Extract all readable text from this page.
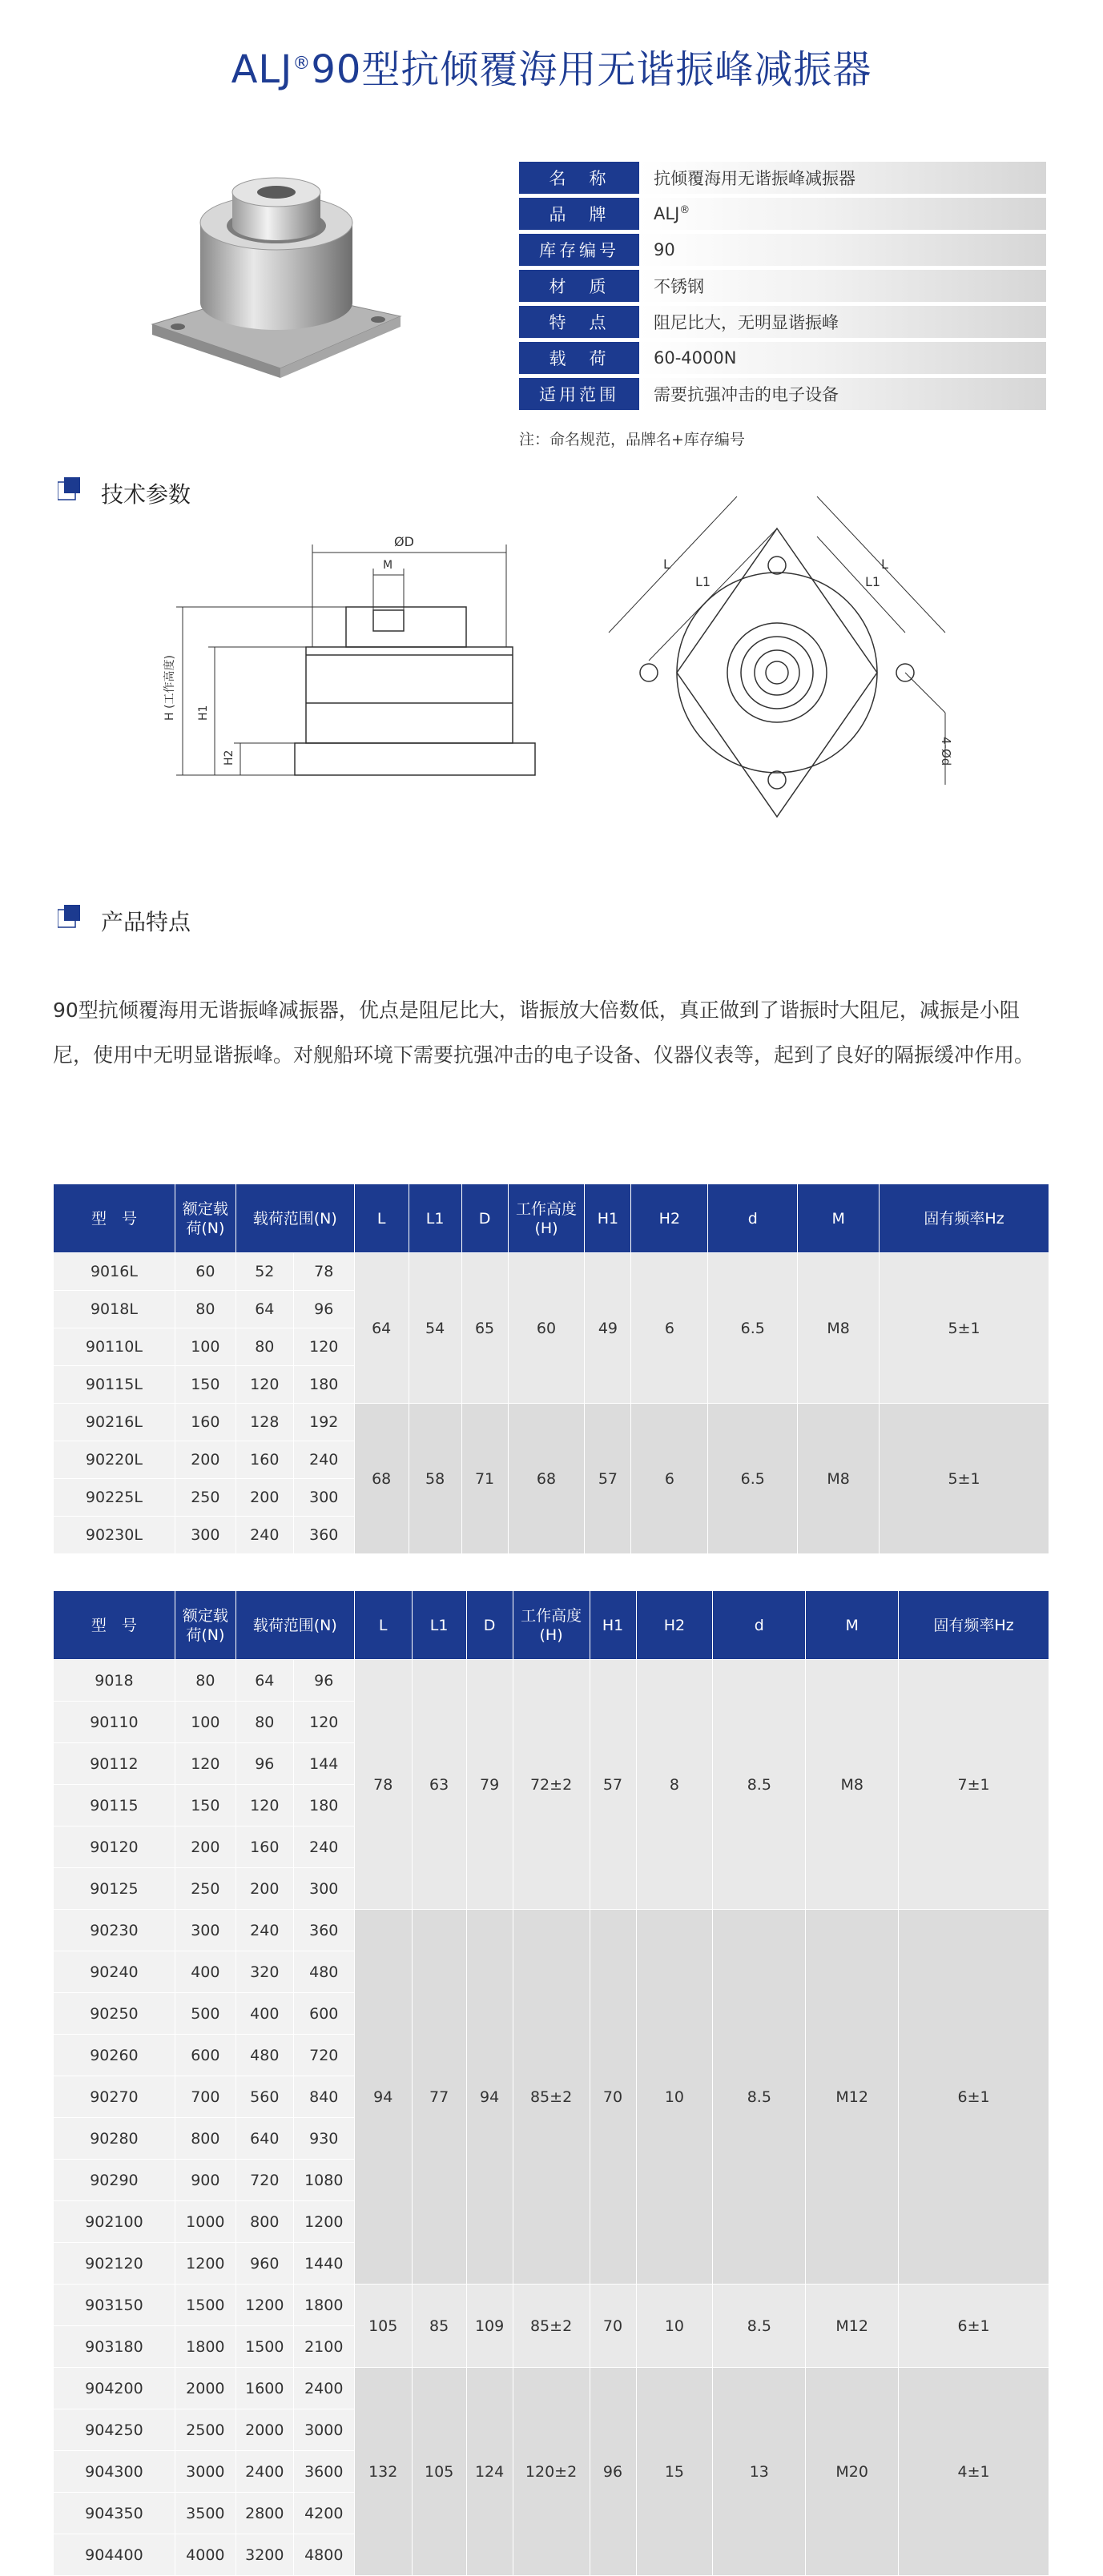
ALJ®90型抗倾覆海用无谐振峰减振器
名　称	抗倾覆海用无谐振峰减振器
品　牌	ALJ®
库存编号	90
材　质	不锈钢
特　点	阻尼比大，无明显谐振峰
载　荷	60-4000N
适用范围	需要抗强冲击的电子设备
注：命名规范，品牌名+库存编号
技术参数
ØD
M
H (工作高度) H1
H2
L
L1
L
L1
4-Ød
产品特点
90型抗倾覆海用无谐振峰减振器，优点是阻尼比大，谐振放大倍数低，真正做到了谐振时大阻尼，减振是小阻尼，使用中无明显谐振峰。对舰船环境下需要抗强冲击的电子设备、仪器仪表等，起到了良好的隔振缓冲作用。
型　号	额定载荷(N)	载荷范围(N)		L	L1	D	工作高度(H)	H1	H2	d	M	固有频率Hz
9016L	60	52	78	64	54	65	60	49	6	6.5	M8	5±1
9018L	80	64	96									
90110L	100	80	120									
90115L	150	120	180									
90216L	160	128	192	68	58	71	68	57	6	6.5	M8	5±1
90220L	200	160	240									
90225L	250	200	300									
90230L	300	240	360									
型　号	额定载荷(N)	载荷范围(N)		L	L1	D	工作高度(H)	H1	H2	d	M	固有频率Hz
9018	80	64	96	78	63	79	72±2	57	8	8.5	M8	7±1
90110	100	80	120									
90112	120	96	144									
90115	150	120	180									
90120	200	160	240									
90125	250	200	300									
90230	300	240	360	94	77	94	85±2	70	10	8.5	M12	6±1
90240	400	320	480									
90250	500	400	600									
90260	600	480	720									
90270	700	560	840									
90280	800	640	930									
90290	900	720	1080									
902100	1000	800	1200									
902120	1200	960	1440									
903150	1500	1200	1800	105	85	109	85±2	70	10	8.5	M12	6±1
903180	1800	1500	2100									
904200	2000	1600	2400	132	105	124	120±2	96	15	13	M20	4±1
904250	2500	2000	3000									
904300	3000	2400	3600									
904350	3500	2800	4200									
904400	4000	3200	4800									
